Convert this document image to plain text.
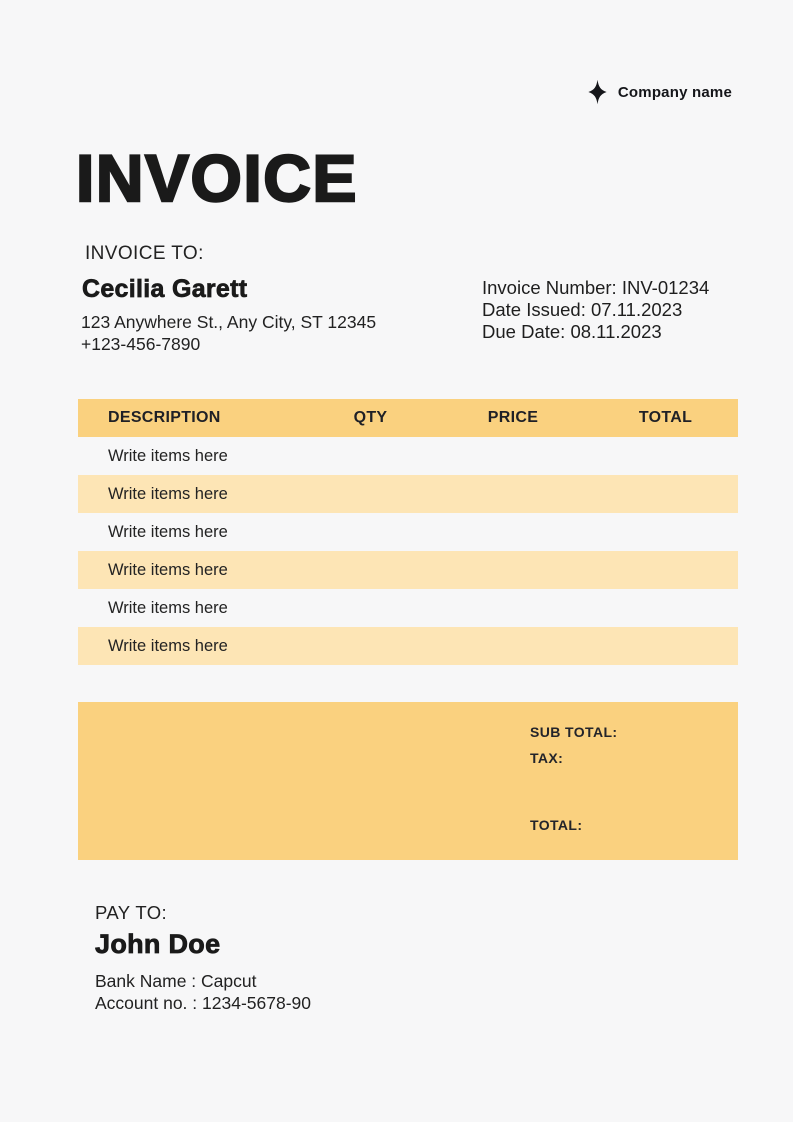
Company name
INVOICE
INVOICE TO:
Cecilia Garett
123 Anywhere St., Any City, ST 12345
+123-456-7890
Invoice Number: INV-01234
Date Issued: 07.11.2023
Due Date: 08.11.2023
DESCRIPTION	QTY	PRICE	TOTAL
Write items here
Write items here
Write items here
Write items here
Write items here
Write items here
SUB TOTAL:
TAX:
TOTAL:
PAY TO:
John Doe
Bank Name : Capcut
Account no. : 1234-5678-90
